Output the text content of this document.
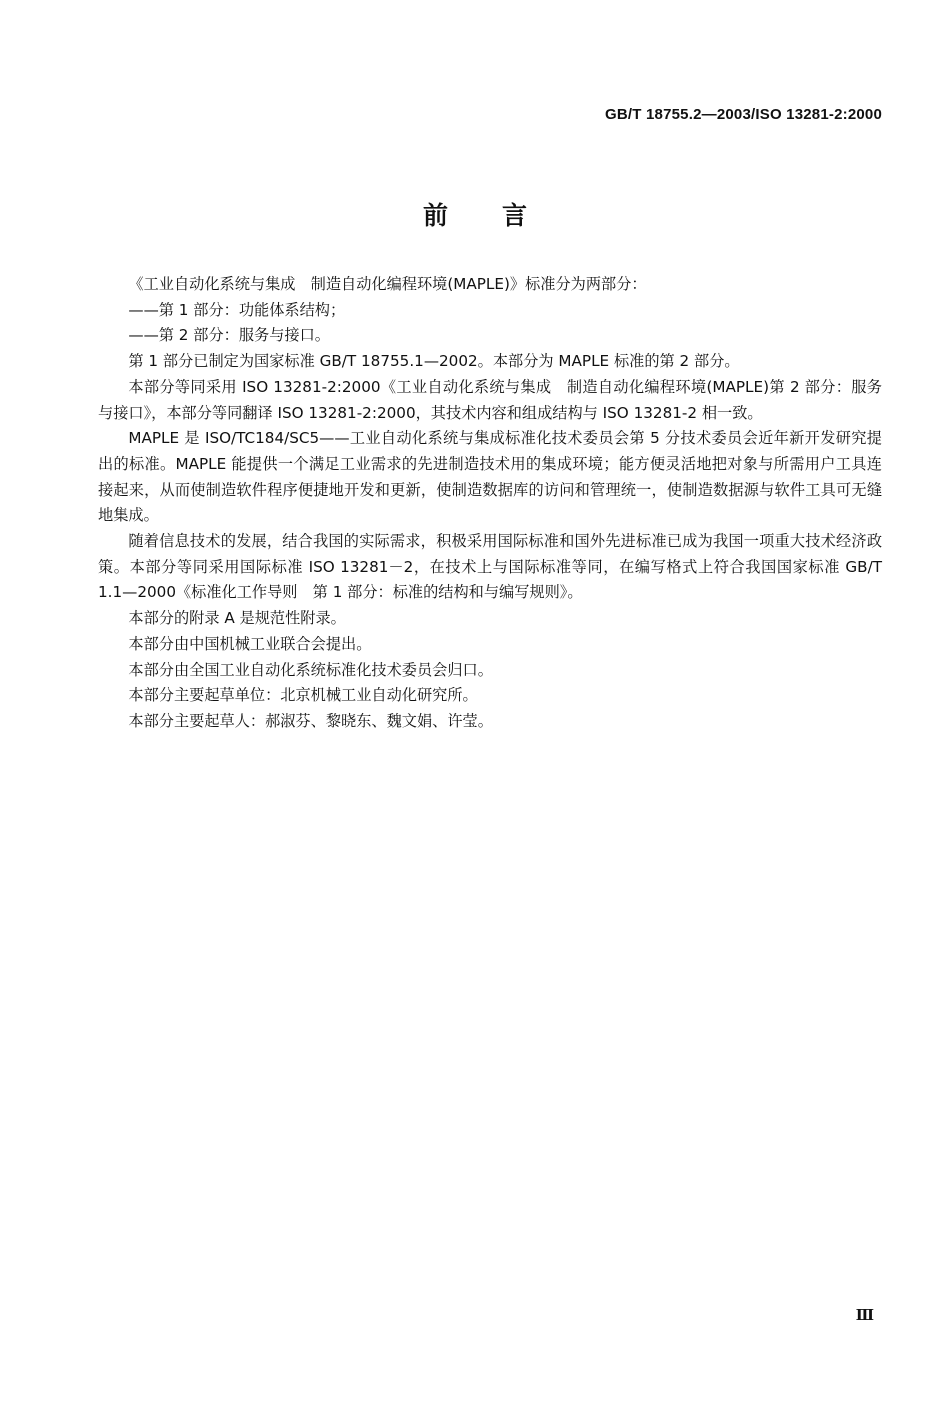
GB/T 18755.2—2003/ISO 13281-2:2000
前 言

《工业自动化系统与集成　制造自动化编程环境(MAPLE)》标准分为两部分：

——第 1 部分：功能体系结构；

——第 2 部分：服务与接口。

第 1 部分已制定为国家标准 GB/T 18755.1—2002。本部分为 MAPLE 标准的第 2 部分。

本部分等同采用 ISO 13281-2:2000《工业自动化系统与集成　制造自动化编程环境(MAPLE)第 2 部分：服务与接口》，本部分等同翻译 ISO 13281-2:2000，其技术内容和组成结构与 ISO 13281-2 相一致。

MAPLE 是 ISO/TC184/SC5——工业自动化系统与集成标准化技术委员会第 5 分技术委员会近年新开发研究提出的标准。MAPLE 能提供一个满足工业需求的先进制造技术用的集成环境；能方便灵活地把对象与所需用户工具连接起来，从而使制造软件程序便捷地开发和更新，使制造数据库的访问和管理统一，使制造数据源与软件工具可无缝地集成。

随着信息技术的发展，结合我国的实际需求，积极采用国际标准和国外先进标准已成为我国一项重大技术经济政策。本部分等同采用国际标准 ISO 13281－2，在技术上与国际标准等同，在编写格式上符合我国国家标准 GB/T 1.1—2000《标准化工作导则　第 1 部分：标准的结构和与编写规则》。

本部分的附录 A 是规范性附录。

本部分由中国机械工业联合会提出。

本部分由全国工业自动化系统标准化技术委员会归口。

本部分主要起草单位：北京机械工业自动化研究所。

本部分主要起草人：郝淑芬、黎晓东、魏文娟、许莹。

Ⅲ
